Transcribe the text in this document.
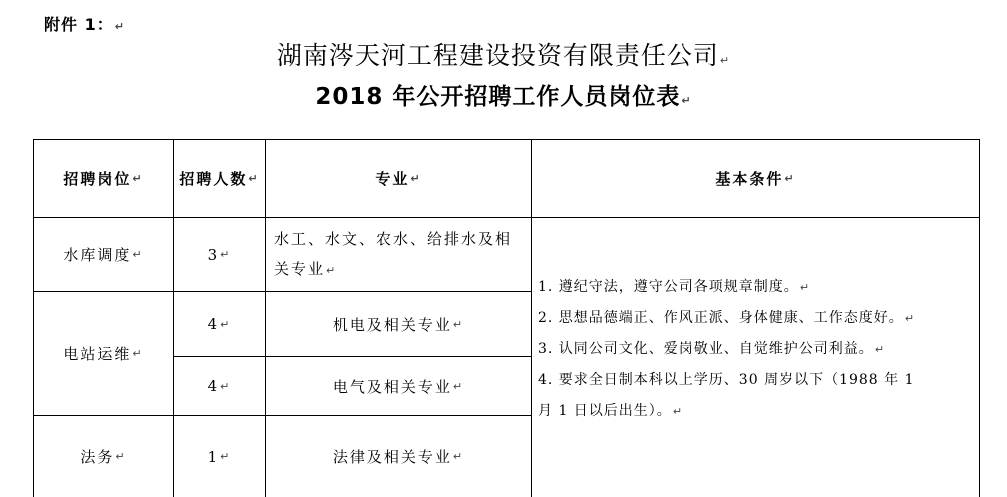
附件 1：↵
湖南涔天河工程建设投资有限责任公司↵
2018 年公开招聘工作人员岗位表↵
招聘岗位 ↵ 招聘人数 ↵	专业 ↵	基本条件 ↵
水库调度 ↵
电站运维 ↵
法务 ↵
3 ↵
4 ↵
4 ↵
1 ↵
水工、水文、农水、给排水及相关专业↵
机电及相关专业 ↵
电气及相关专业 ↵
法律及相关专业 ↵
1. 遵纪守法，遵守公司各项规章制度。↵
2. 思想品德端正、作风正派、身体健康、工作态度好。↵
3. 认同公司文化、爱岗敬业、自觉维护公司利益。↵
4. 要求全日制本科以上学历、30 周岁以下（1988 年 1
月 1 日以后出生）。↵
